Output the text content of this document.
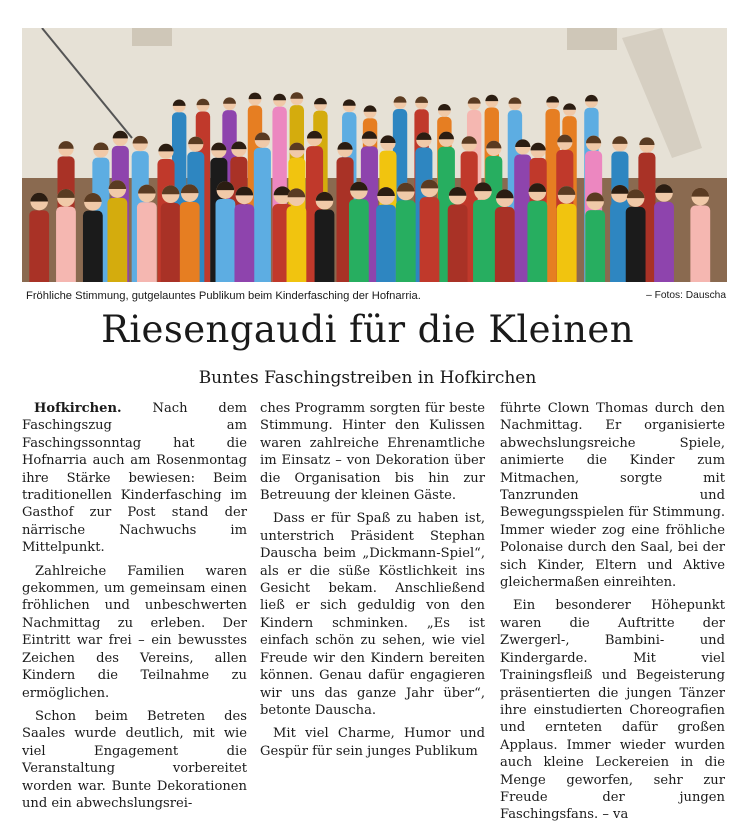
Fröhliche Stimmung, gutgelauntes Publikum beim Kinderfasching der Hofnarria.	– Fotos: Dauscha
Riesengaudi für die Kleinen
Buntes Faschingstreiben in Hofkirchen

Hofkirchen. Nach dem Faschingszug am Faschingssonntag hat die Hofnarria auch am Rosenmontag ihre Stärke bewiesen: Beim traditionellen Kinderfasching im Gasthof zur Post stand der närrische Nachwuchs im Mittelpunkt.

Zahlreiche Familien waren gekommen, um gemeinsam einen fröhlichen und unbeschwerten Nachmittag zu erleben. Der Eintritt war frei – ein bewusstes Zeichen des Vereins, allen Kindern die Teilnahme zu ermöglichen.

Schon beim Betreten des Saales wurde deutlich, mit wie viel Engagement die Veranstaltung vorbereitet worden war. Bunte Dekorationen und ein abwechslungsrei-

ches Programm sorgten für beste Stimmung. Hinter den Kulissen waren zahlreiche Ehrenamtliche im Einsatz – von Dekoration über die Organisation bis hin zur Betreuung der kleinen Gäste.

Dass er für Spaß zu haben ist, unterstrich Präsident Stephan Dauscha beim „Dickmann-Spiel“, als er die süße Köstlichkeit ins Gesicht bekam. Anschließend ließ er sich geduldig von den Kindern schminken. „Es ist einfach schön zu sehen, wie viel Freude wir den Kindern bereiten können. Genau dafür engagieren wir uns das ganze Jahr über“, betonte Dauscha.

Mit viel Charme, Humor und Gespür für sein junges Publikum

führte Clown Thomas durch den Nachmittag. Er organisierte abwechslungsreiche Spiele, animierte die Kinder zum Mitmachen, sorgte mit Tanzrunden und Bewegungsspielen für Stimmung. Immer wieder zog eine fröhliche Polonaise durch den Saal, bei der sich Kinder, Eltern und Aktive gleichermaßen einreihten.

Ein besonderer Höhepunkt waren die Auftritte der Zwergerl-, Bambini- und Kindergarde. Mit viel Trainingsfleiß und Begeisterung präsentierten die jungen Tänzer ihre einstudierten Choreografien und ernteten dafür großen Applaus. Immer wieder wurden auch kleine Leckereien in die Menge geworfen, sehr zur Freude der jungen Faschingsfans. – va
